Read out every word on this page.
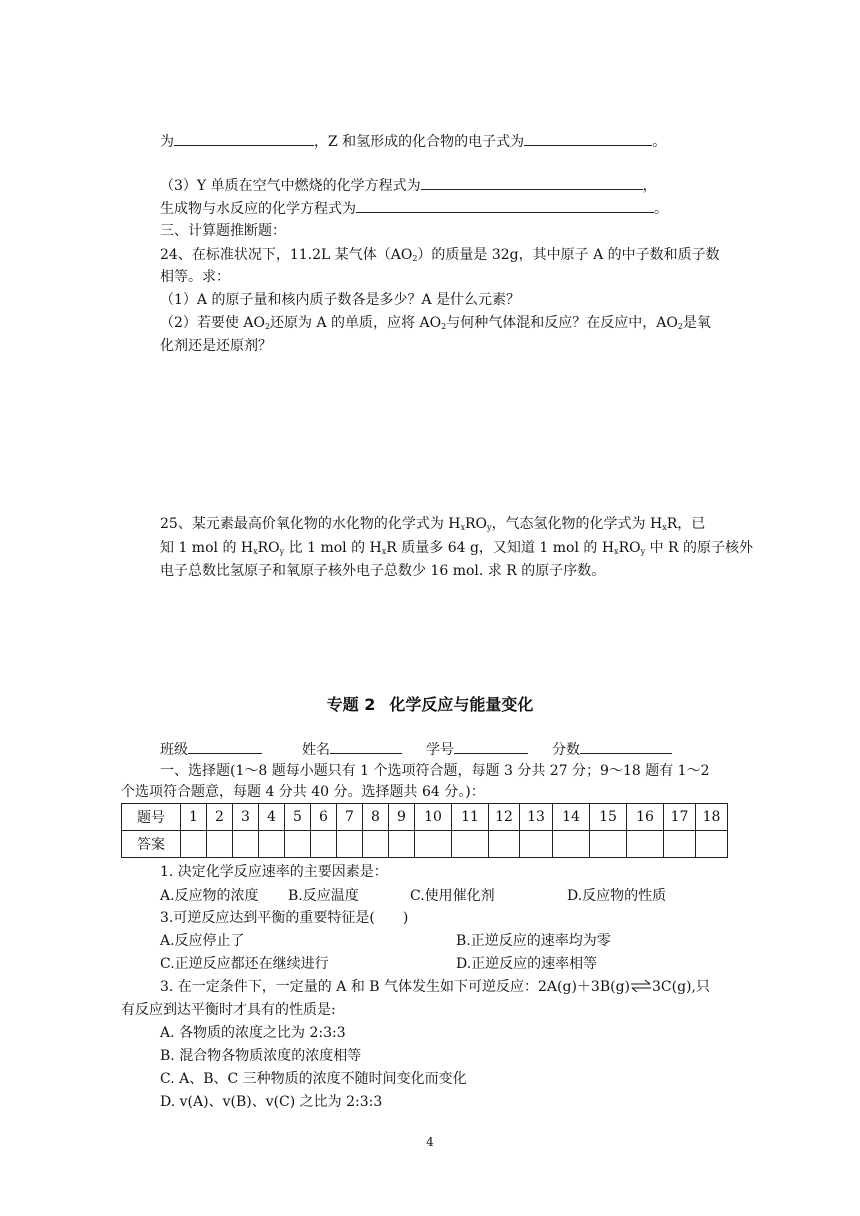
为	，Z 和氢形成的化合物的电子式为	。
（3）Y 单质在空气中燃烧的化学方程式为	，
生成物与水反应的化学方程式为	。
三、计算题推断题：
24、在标准状况下，11.2L 某气体$(AO_2)$的质量是 32g，其中原子 A 的中子数和质子数
相等。求：
（1）A 的原子量和核内质子数各是多少？A 是什么元素？
（2）若要使 $AO_2$还原为 A 的单质，应将 $AO_2$与何种气体混和反应？在反应中，$AO_2$是氧
化剂还是还原剂？
25、某元素最高价氧化物的水化物的化学式为 $H_xRO_y$，气态氢化物的化学式为 $H_xR$，已
知 1 mol 的 $H_xRO_y$ 比 1 mol 的 $H_xR$ 质量多 64 g，又知道 1 mol 的 $H_xRO_y$ 中 R 的原子核外
电子总数比氢原子和氧原子核外电子总数少 16 mol. 求 R 的原子序数。
专题 2 化学反应与能量变化
班级	姓名	学号	分数
一、选择题(1～8 题每小题只有 1 个选项符合题，每题 3 分共 27 分；9～18 题有 1～2
个选项符合题意，每题 4 分共 40 分。选择题共 64 分。)：
题号	1	2	3	4	5	6	7	8	9	10	11	12	13	14	15	16	17	18
答案																		
1. 决定化学反应速率的主要因素是：
A.反应物的浓度 B.反应温度	C.使用催化剂	D.反应物的性质
3.可逆反应达到平衡的重要特征是(　　)
A.反应停止了	B.正逆反应的速率均为零
C.正逆反应都还在继续进行	D.正逆反应的速率相等
3. 在一定条件下，一定量的 A 和 B 气体发生如下可逆反应：2A(g)＋3B(g)⇌3C(g),只
有反应到达平衡时才具有的性质是:
A. 各物质的浓度之比为 2:3:3
B. 混合物各物质浓度的浓度相等
C. A、B、C 三种物质的浓度不随时间变化而变化
D. v(A)、v(B)、v(C) 之比为 2:3:3
4
